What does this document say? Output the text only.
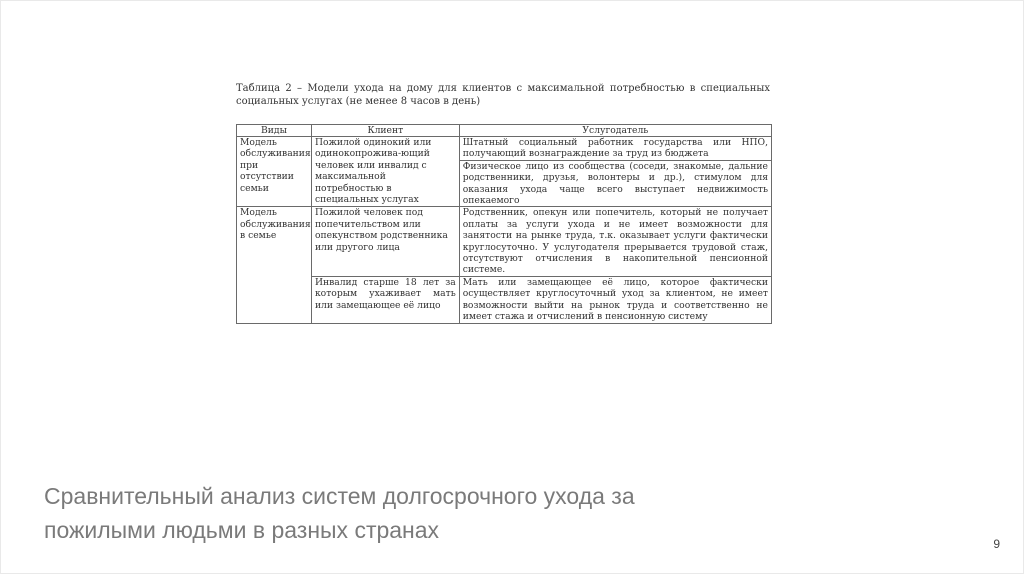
Таблица 2 – Модели ухода на дому для клиентов с максимальной потребностью в специальных социальных услугах (не менее 8 часов в день)
Виды	Клиент	Услугодатель
Модель обслуживания при отсутствии семьи	Пожилой одинокий или одинокопрожива-ющий человек или инвалид с максимальной потребностью в специальных услугах	Штатный социальный работник государства или НПО, получающий вознаграждение за труд из бюджета
		Физическое лицо из сообщества (соседи, знакомые, дальние родственники, друзья, волонтеры и др.), стимулом для оказания ухода чаще всего выступает недвижимость опекаемого
Модель обслуживания в семье	Пожилой человек под попечительством или опекунством родственника или другого лица	Родственник, опекун или попечитель, который не получает оплаты за услуги ухода и не имеет возможности для занятости на рынке труда, т.к. оказывает услуги фактически круглосуточно. У услугодателя прерывается трудовой стаж, отсутствуют отчисления в накопительной пенсионной системе.
	Инвалид старше 18 лет за которым ухаживает мать или замещающее её лицо	Мать или замещающее её лицо, которое фактически осуществляет круглосуточный уход за клиентом, не имеет возможности выйти на рынок труда и соответственно не имеет стажа и отчислений в пенсионную систему
Сравнительный анализ систем долгосрочного ухода за пожилыми людьми в разных странах
9
